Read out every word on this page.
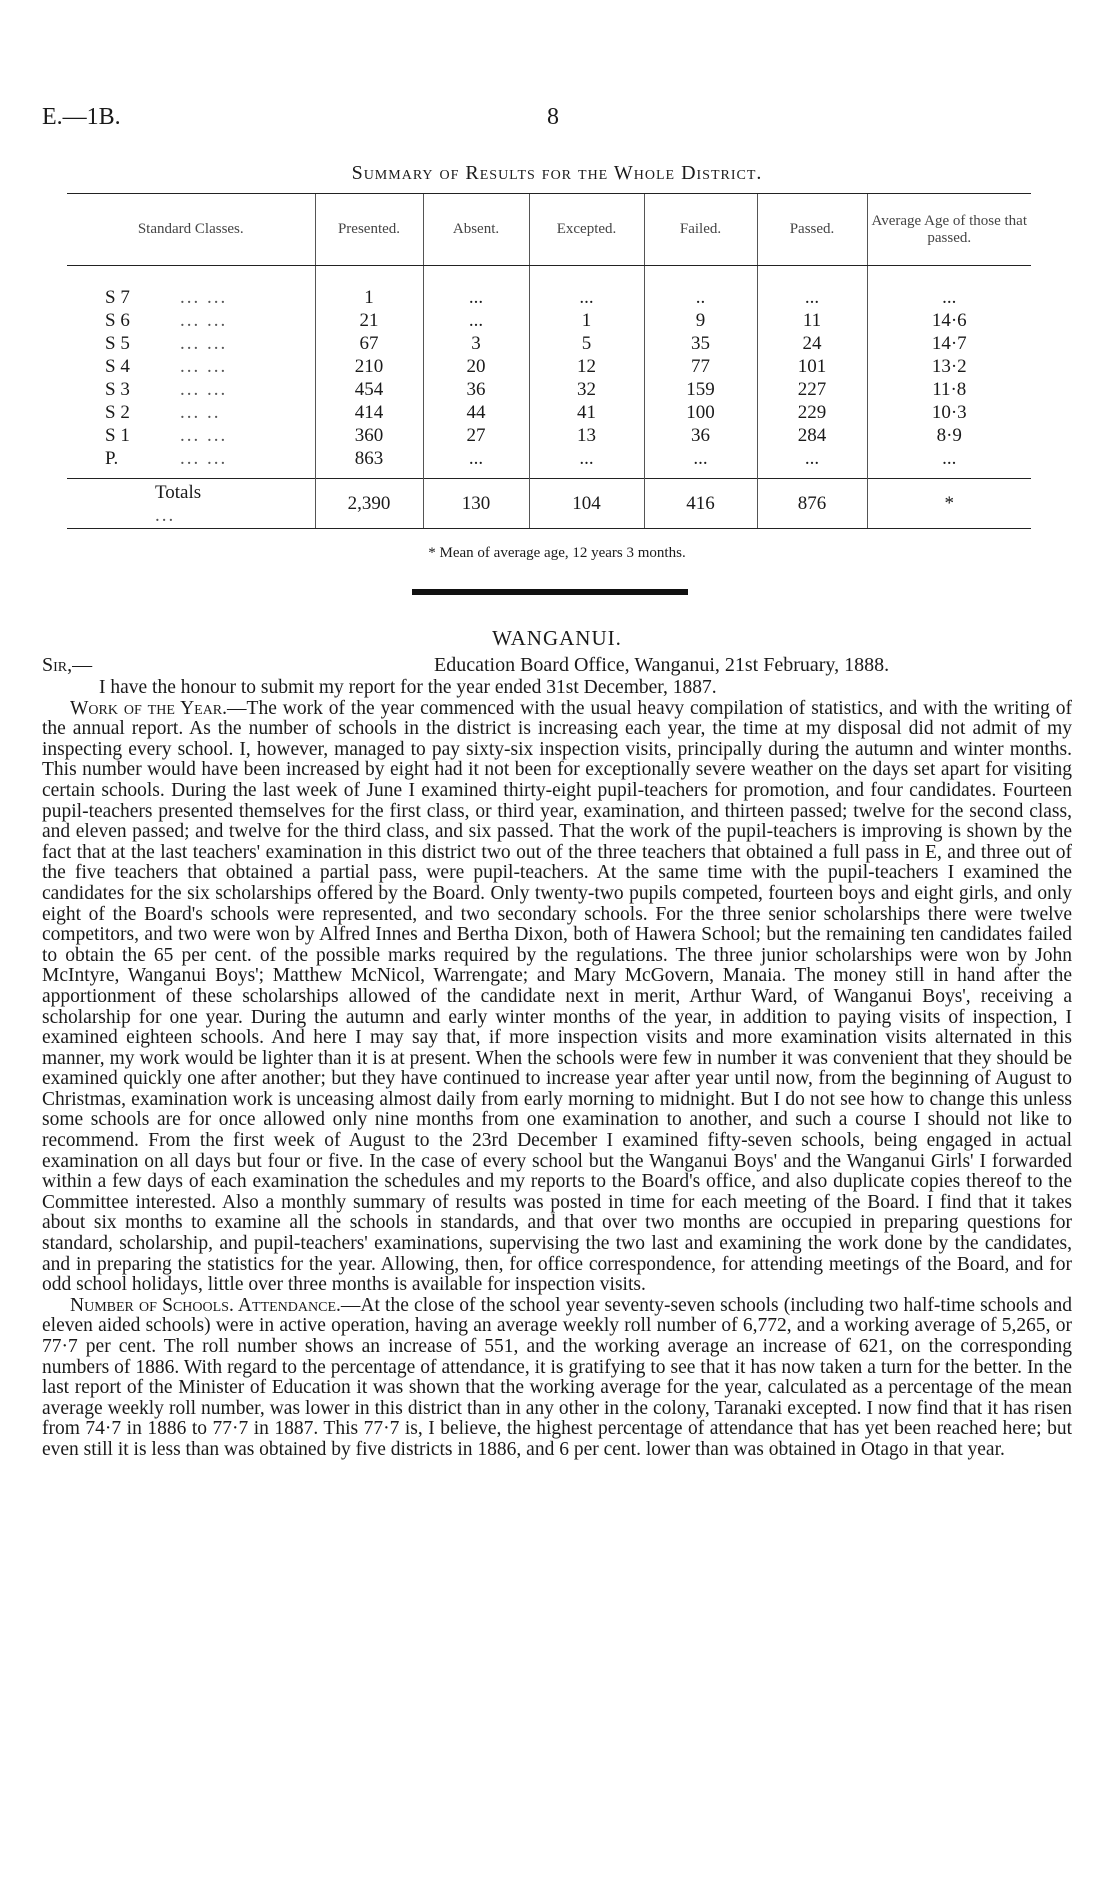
E.—1B.	8
Summary of Results for the Whole District.
Standard Classes.	Presented.	Absent.	Excepted.	Failed.	Passed.	Average Age of those that passed.
S 7 ... ...	1	...	...	..	...	...
S 6 ... ...	21	...	1	9	11	14·6
S 5 ... ...	67	3	5	35	24	14·7
S 4 ... ...	210	20	12	77	101	13·2
S 3 ... ...	454	36	32	159	227	11·8
S 2 ... ..	414	44	41	100	229	10·3
S 1 ... ...	360	27	13	36	284	8·9
P. ... ...	863	...	...	...	...	...
Totals...	2,390	130	104	416	876	*
* Mean of average age, 12 years 3 months.
WANGANUI.
Sir,—	Education Board Office, Wanganui, 21st February, 1888.

I have the honour to submit my report for the year ended 31st December, 1887.

Work of the Year.—The work of the year commenced with the usual heavy compilation of statistics, and with the writing of the annual report. As the number of schools in the district is increasing each year, the time at my disposal did not admit of my inspecting every school. I, however, managed to pay sixty-six inspection visits, principally during the autumn and winter months. This number would have been increased by eight had it not been for exceptionally severe weather on the days set apart for visiting certain schools. During the last week of June I examined thirty-eight pupil-teachers for promotion, and four candidates. Fourteen pupil-teachers presented themselves for the first class, or third year, examination, and thirteen passed; twelve for the second class, and eleven passed; and twelve for the third class, and six passed. That the work of the pupil-teachers is improving is shown by the fact that at the last teachers' examination in this district two out of the three teachers that obtained a full pass in E, and three out of the five teachers that obtained a partial pass, were pupil-teachers. At the same time with the pupil-teachers I examined the candidates for the six scholarships offered by the Board. Only twenty-two pupils competed, fourteen boys and eight girls, and only eight of the Board's schools were represented, and two secondary schools. For the three senior scholarships there were twelve competitors, and two were won by Alfred Innes and Bertha Dixon, both of Hawera School; but the remaining ten candidates failed to obtain the 65 per cent. of the possible marks required by the regulations. The three junior scholarships were won by John McIntyre, Wanganui Boys'; Matthew McNicol, Warrengate; and Mary McGovern, Manaia. The money still in hand after the apportionment of these scholarships allowed of the candidate next in merit, Arthur Ward, of Wanganui Boys', receiving a scholarship for one year. During the autumn and early winter months of the year, in addition to paying visits of inspection, I examined eighteen schools. And here I may say that, if more inspection visits and more examination visits alternated in this manner, my work would be lighter than it is at present. When the schools were few in number it was convenient that they should be examined quickly one after another; but they have continued to increase year after year until now, from the beginning of August to Christmas, examination work is unceasing almost daily from early morning to midnight. But I do not see how to change this unless some schools are for once allowed only nine months from one examination to another, and such a course I should not like to recommend. From the first week of August to the 23rd December I examined fifty-seven schools, being engaged in actual examination on all days but four or five. In the case of every school but the Wanganui Boys' and the Wanganui Girls' I forwarded within a few days of each examination the schedules and my reports to the Board's office, and also duplicate copies thereof to the Committee interested. Also a monthly summary of results was posted in time for each meeting of the Board. I find that it takes about six months to examine all the schools in standards, and that over two months are occupied in preparing questions for standard, scholarship, and pupil-teachers' examinations, supervising the two last and examining the work done by the candidates, and in preparing the statistics for the year. Allowing, then, for office correspondence, for attending meetings of the Board, and for odd school holidays, little over three months is available for inspection visits.

Number of Schools. Attendance.—At the close of the school year seventy-seven schools (including two half-time schools and eleven aided schools) were in active operation, having an average weekly roll number of 6,772, and a working average of 5,265, or 77·7 per cent. The roll number shows an increase of 551, and the working average an increase of 621, on the corresponding numbers of 1886. With regard to the percentage of attendance, it is gratifying to see that it has now taken a turn for the better. In the last report of the Minister of Education it was shown that the working average for the year, calculated as a percentage of the mean average weekly roll number, was lower in this district than in any other in the colony, Taranaki excepted. I now find that it has risen from 74·7 in 1886 to 77·7 in 1887. This 77·7 is, I believe, the highest percentage of attendance that has yet been reached here; but even still it is less than was obtained by five districts in 1886, and 6 per cent. lower than was obtained in Otago in that year.
